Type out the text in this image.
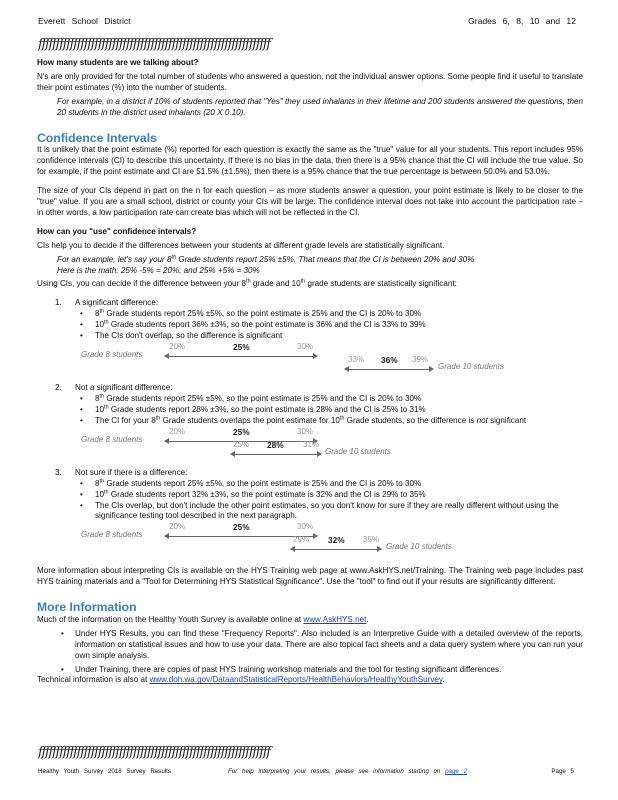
Everett School District	Grades 6, 8, 10 and 12
ffffffffffffffffffffffffffffffffffffffffffffffffffffffffffffffffff

How many students are we talking about?

N's are only provided for the total number of students who answered a question, not the individual answer options. Some people find it useful to translate their point estimates (%) into the number of students.

For example, in a district if 10% of students reported that "Yes" they used inhalants in their lifetime and 200 students answered the questions, then 20 students in the district used inhalants (20 X 0.10).

Confidence Intervals

It is unlikely that the point estimate (%) reported for each question is exactly the same as the "true" value for all your students. This report includes 95% confidence intervals (CI) to describe this uncertainty. If there is no bias in the data, then there is a 95% chance that the CI will include the true value. So for example, if the point estimate and CI are 51.5% (±1.5%), then there is a 95% chance that the true percentage is between 50.0% and 53.0%.

The size of your CIs depend in part on the n for each question – as more students answer a question, your point estimate is likely to be closer to the "true" value. If you are a small school, district or county your CIs will be large. The confidence interval does not take into account the participation rate – in other words, a low participation rate can create bias which will not be reflected in the CI.

How can you "use" confidence intervals?

CIs help you to decide if the differences between your students at different grade levels are statistically significant.

For an example, let's say your 8th Grade students report 25% ±5%. That means that the CI is between 20% and 30%

Here is the math: 25% -5% = 20%, and 25% +5% = 30%

Using CIs, you can decide if the difference between your 8th grade and 10th grade students are statistically significant:

1. A significant difference:
• 8th Grade students report 25% ±5%, so the point estimate is 25% and the CI is 20% to 30%
• 10th Grade students report 36% ±3%, so the point estimate is 36% and the CI is 33% to 39%
• The CIs don't overlap, so the difference is significant
Grade 8 students
20%	25%	30%
33% 36% 39%
Grade 10 students
2. Not a significant difference:
• 8th Grade students report 25% ±5%, so the point estimate is 25% and the CI is 20% to 30%
• 10th Grade students report 28% ±3%, so the point estimate is 28% and the CI is 25% to 31%
• The CI for your 8th Grade students overlaps the point estimate for 10th Grade students, so the difference is not significant
Grade 8 students
20%	25%	30%
25% 28% 31%
Grade 10 students
3. Not sure if there is a difference:
• 8th Grade students report 25% ±5%, so the point estimate is 25% and the CI is 20% to 30%
• 10th Grade students report 32% ±3%, so the point estimate is 32% and the CI is 29% to 35%
• The CIs overlap, but don't include the other point estimates, so you don't know for sure if they are really different without using the significance testing tool described in the next paragraph.
Grade 8 students
20%	25%	30%
29% 32% 35%
Grade 10 students

More information about interpreting CIs is available on the HYS Training web page at www.AskHYS.net/Training. The Training web page includes past HYS training materials and a "Tool for Determining HYS Statistical Significance". Use the "tool" to find out if your results are significantly different.

More Information

Much of the information on the Healthy Youth Survey is available online at www.AskHYS.net.

• Under HYS Results, you can find these "Frequency Reports". Also included is an Interpretive Guide with a detailed overview of the reports, information on statistical issues and how to use your data. There are also topical fact sheets and a data query system where you can run your own simple analysis.

• Under Training, there are copies of past HYS training workshop materials and the tool for testing significant differences.

Technical information is also at www.doh.wa.gov/DataandStatisticalReports/HealthBehaviors/HealthyYouthSurvey.

ffffffffffffffffffffffffffffffffffffffffffffffffffffffffffffffffff
Healthy Youth Survey 2018 Survey Results	For help interpreting your results, please see information starting on page 2	Page 5
